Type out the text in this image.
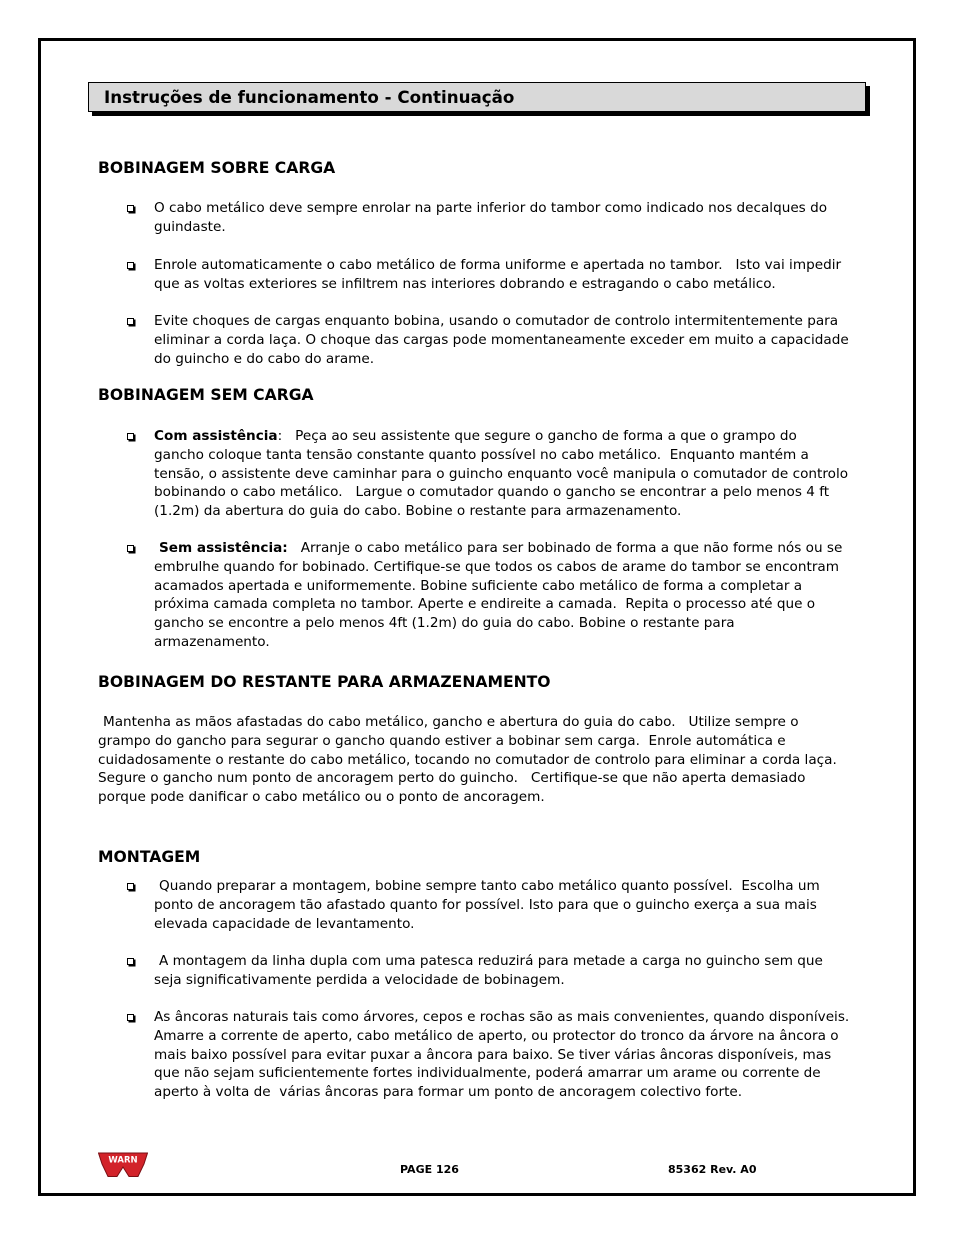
Instruções de funcionamento - Continuação
BOBINAGEM SOBRE CARGA
O cabo metálico deve sempre enrolar na parte inferior do tambor como indicado nos decalques do
guindaste.
Enrole automaticamente o cabo metálico de forma uniforme e apertada no tambor.   Isto vai impedir
que as voltas exteriores se infiltrem nas interiores dobrando e estragando o cabo metálico.
Evite choques de cargas enquanto bobina, usando o comutador de controlo intermitentemente para
eliminar a corda laça. O choque das cargas pode momentaneamente exceder em muito a capacidade
do guincho e do cabo do arame.
BOBINAGEM SEM CARGA
Com assistência:   Peça ao seu assistente que segure o gancho de forma a que o grampo do
gancho coloque tanta tensão constante quanto possível no cabo metálico.  Enquanto mantém a
tensão, o assistente deve caminhar para o guincho enquanto você manipula o comutador de controlo
bobinando o cabo metálico.   Largue o comutador quando o gancho se encontrar a pelo menos 4 ft
(1.2m) da abertura do guia do cabo. Bobine o restante para armazenamento.
Sem assistência:   Arranje o cabo metálico para ser bobinado de forma a que não forme nós ou se
embrulhe quando for bobinado. Certifique-se que todos os cabos de arame do tambor se encontram
acamados apertada e uniformemente. Bobine suficiente cabo metálico de forma a completar a
próxima camada completa no tambor. Aperte e endireite a camada.  Repita o processo até que o
gancho se encontre a pelo menos 4ft (1.2m) do guia do cabo. Bobine o restante para
armazenamento.
BOBINAGEM DO RESTANTE PARA ARMAZENAMENTO
Mantenha as mãos afastadas do cabo metálico, gancho e abertura do guia do cabo.   Utilize sempre o
grampo do gancho para segurar o gancho quando estiver a bobinar sem carga.  Enrole automática e
cuidadosamente o restante do cabo metálico, tocando no comutador de controlo para eliminar a corda laça.
Segure o gancho num ponto de ancoragem perto do guincho.   Certifique-se que não aperta demasiado
porque pode danificar o cabo metálico ou o ponto de ancoragem.
MONTAGEM
Quando preparar a montagem, bobine sempre tanto cabo metálico quanto possível.  Escolha um
ponto de ancoragem tão afastado quanto for possível. Isto para que o guincho exerça a sua mais
elevada capacidade de levantamento.
A montagem da linha dupla com uma patesca reduzirá para metade a carga no guincho sem que
seja significativamente perdida a velocidade de bobinagem.
As âncoras naturais tais como árvores, cepos e rochas são as mais convenientes, quando disponíveis.
Amarre a corrente de aperto, cabo metálico de aperto, ou protector do tronco da árvore na âncora o
mais baixo possível para evitar puxar a âncora para baixo. Se tiver várias âncoras disponíveis, mas
que não sejam suficientemente fortes individualmente, poderá amarrar um arame ou corrente de
aperto à volta de  várias âncoras para formar um ponto de ancoragem colectivo forte.
WARN
PAGE 126	85362 Rev. A0
